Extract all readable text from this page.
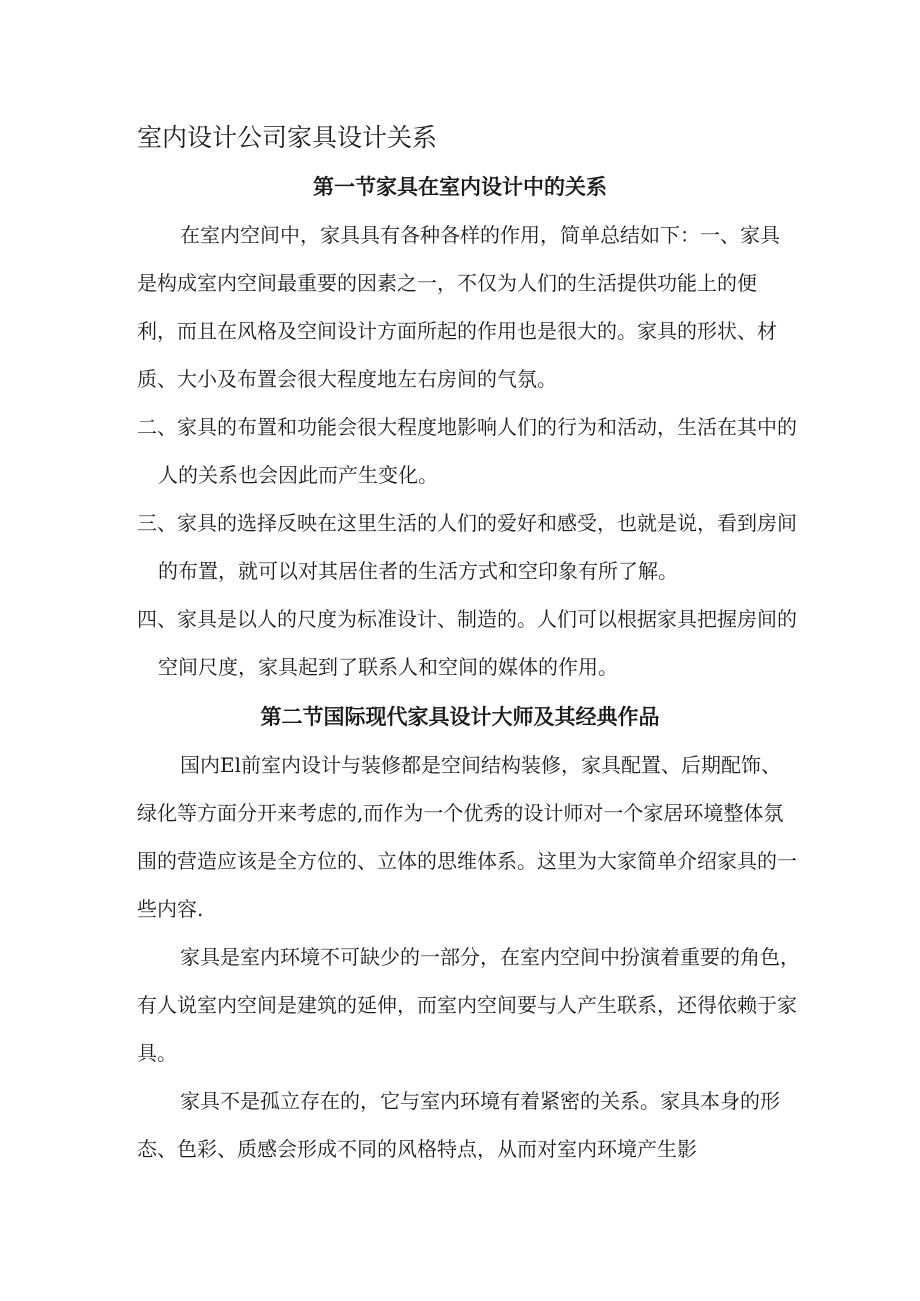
室内设计公司家具设计关系
第一节家具在室内设计中的关系
在室内空间中，家具具有各种各样的作用，简单总结如下：一、家具
是构成室内空间最重要的因素之一，不仅为人们的生活提供功能上的便
利，而且在风格及空间设计方面所起的作用也是很大的。家具的形状、材
质、大小及布置会很大程度地左右房间的气氛。
二、家具的布置和功能会很大程度地影响人们的行为和活动，生活在其中的
人的关系也会因此而产生变化。
三、家具的选择反映在这里生活的人们的爱好和感受，也就是说，看到房间
的布置，就可以对其居住者的生活方式和空印象有所了解。
四、家具是以人的尺度为标准设计、制造的。人们可以根据家具把握房间的
空间尺度，家具起到了联系人和空间的媒体的作用。
第二节国际现代家具设计大师及其经典作品
国内El前室内设计与装修都是空间结构装修，家具配置、后期配饰、
绿化等方面分开来考虑的,而作为一个优秀的设计师对一个家居环境整体氛
围的营造应该是全方位的、立体的思维体系。这里为大家简单介绍家具的一
些内容.
家具是室内环境不可缺少的一部分，在室内空间中扮演着重要的角色，
有人说室内空间是建筑的延伸，而室内空间要与人产生联系，还得依赖于家
具。
家具不是孤立存在的，它与室内环境有着紧密的关系。家具本身的形
态、色彩、质感会形成不同的风格特点，从而对室内环境产生影
